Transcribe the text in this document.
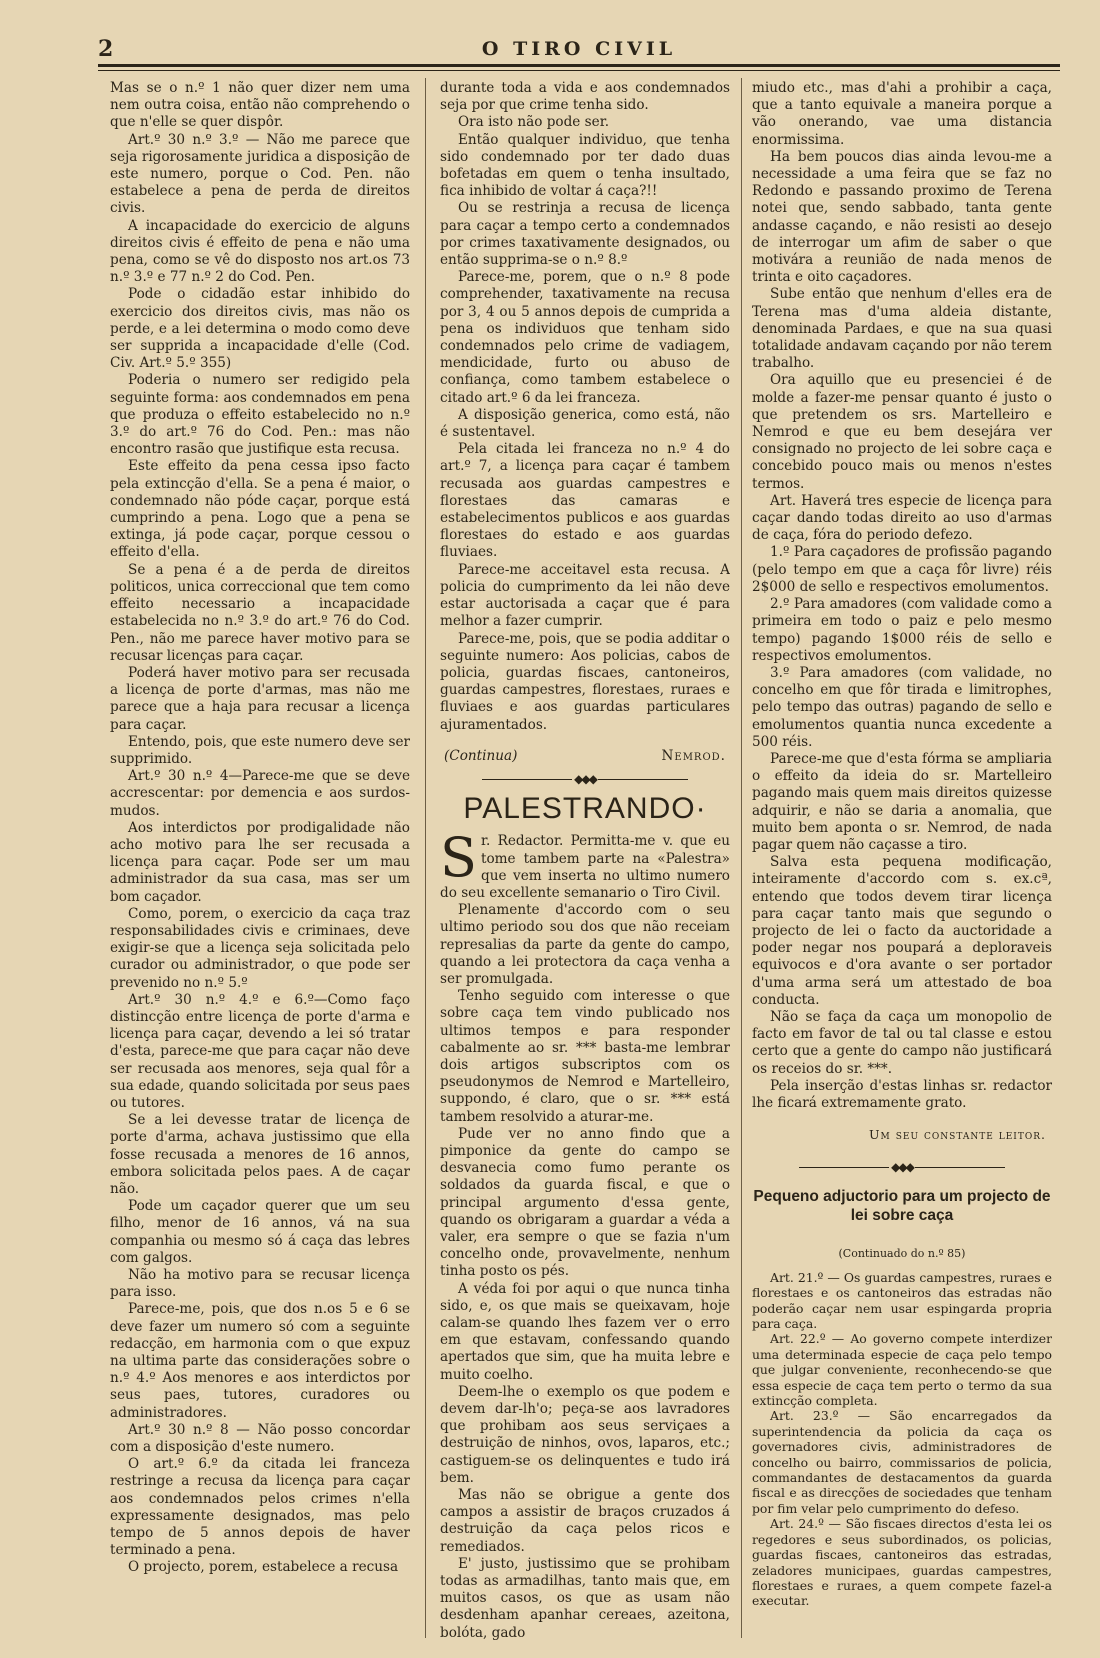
2	O TIRO CIVIL

Mas se o n.º 1 não quer dizer nem uma nem outra coisa, então não comprehendo o que n'elle se quer dispôr.

Art.º 30 n.º 3.º — Não me parece que seja rigorosamente juridica a disposição de este numero, porque o Cod. Pen. não estabelece a pena de perda de direitos civis.

A incapacidade do exercicio de alguns direitos civis é effeito de pena e não uma pena, como se vê do disposto nos art.os 73 n.º 3.º e 77 n.º 2 do Cod. Pen.

Pode o cidadão estar inhibido do exercicio dos direitos civis, mas não os perde, e a lei determina o modo como deve ser supprida a incapacidade d'elle (Cod. Civ. Art.º 5.º 355)

Poderia o numero ser redigido pela seguinte forma: aos condemnados em pena que produza o effeito estabelecido no n.º 3.º do art.º 76 do Cod. Pen.: mas não encontro rasão que justifique esta recusa.

Este effeito da pena cessa ipso facto pela extincção d'ella. Se a pena é maior, o condemnado não póde caçar, porque está cumprindo a pena. Logo que a pena se extinga, já pode caçar, porque cessou o effeito d'ella.

Se a pena é a de perda de direitos politicos, unica correccional que tem como effeito necessario a incapacidade estabelecida no n.º 3.º do art.º 76 do Cod. Pen., não me parece haver motivo para se recusar licenças para caçar.

Poderá haver motivo para ser recusada a licença de porte d'armas, mas não me parece que a haja para recusar a licença para caçar.

Entendo, pois, que este numero deve ser supprimido.

Art.º 30 n.º 4—Parece-me que se deve accrescentar: por demencia e aos surdos-mudos.

Aos interdictos por prodigalidade não acho motivo para lhe ser recusada a licença para caçar. Pode ser um mau administrador da sua casa, mas ser um bom caçador.

Como, porem, o exercicio da caça traz responsabilidades civis e criminaes, deve exigir-se que a licença seja solicitada pelo curador ou administrador, o que pode ser prevenido no n.º 5.º

Art.º 30 n.º 4.º e 6.º—Como faço distincção entre licença de porte d'arma e licença para caçar, devendo a lei só tratar d'esta, parece-me que para caçar não deve ser recusada aos menores, seja qual fôr a sua edade, quando solicitada por seus paes ou tutores.

Se a lei devesse tratar de licença de porte d'arma, achava justissimo que ella fosse recusada a menores de 16 annos, embora solicitada pelos paes. A de caçar não.

Pode um caçador querer que um seu filho, menor de 16 annos, vá na sua companhia ou mesmo só á caça das lebres com galgos.

Não ha motivo para se recusar licença para isso.

Parece-me, pois, que dos n.os 5 e 6 se deve fazer um numero só com a seguinte redacção, em harmonia com o que expuz na ultima parte das considerações sobre o n.º 4.º Aos menores e aos interdictos por seus paes, tutores, curadores ou administradores.

Art.º 30 n.º 8 — Não posso concordar com a disposição d'este numero.

O art.º 6.º da citada lei franceza restringe a recusa da licença para caçar aos condemnados pelos crimes n'ella expressamente designados, mas pelo tempo de 5 annos depois de haver terminado a pena.

O projecto, porem, estabelece a recusa

durante toda a vida e aos condemnados seja por que crime tenha sido.

Ora isto não pode ser.

Então qualquer individuo, que tenha sido condemnado por ter dado duas bofetadas em quem o tenha insultado, fica inhibido de voltar á caça?!!

Ou se restrinja a recusa de licença para caçar a tempo certo a condemnados por crimes taxativamente designados, ou então supprima-se o n.º 8.º

Parece-me, porem, que o n.º 8 pode comprehender, taxativamente na recusa por 3, 4 ou 5 annos depois de cumprida a pena os individuos que tenham sido condemnados pelo crime de vadiagem, mendicidade, furto ou abuso de confiança, como tambem estabelece o citado art.º 6 da lei franceza.

A disposição generica, como está, não é sustentavel.

Pela citada lei franceza no n.º 4 do art.º 7, a licença para caçar é tambem recusada aos guardas campestres e florestaes das camaras e estabelecimentos publicos e aos guardas florestaes do estado e aos guardas fluviaes.

Parece-me acceitavel esta recusa. A policia do cumprimento da lei não deve estar auctorisada a caçar que é para melhor a fazer cumprir.

Parece-me, pois, que se podia additar o seguinte numero: Aos policias, cabos de policia, guardas fiscaes, cantoneiros, guardas campestres, florestaes, ruraes e fluviaes e aos guardas particulares ajuramentados.

(Continua)	Nemrod.
◆◆◆
PALESTRANDO·

Sr. Redactor. Permitta-me v. que eu tome tambem parte na «Palestra» que vem inserta no ultimo numero do seu excellente semanario o Tiro Civil.

Plenamente d'accordo com o seu ultimo periodo sou dos que não receiam represalias da parte da gente do campo, quando a lei protectora da caça venha a ser promulgada.

Tenho seguido com interesse o que sobre caça tem vindo publicado nos ultimos tempos e para responder cabalmente ao sr. *** basta-me lembrar dois artigos subscriptos com os pseudonymos de Nemrod e Martelleiro, suppondo, é claro, que o sr. *** está tambem resolvido a aturar-me.

Pude ver no anno findo que a pimponice da gente do campo se desvanecia como fumo perante os soldados da guarda fiscal, e que o principal argumento d'essa gente, quando os obrigaram a guardar a véda a valer, era sempre o que se fazia n'um concelho onde, provavelmente, nenhum tinha posto os pés.

A véda foi por aqui o que nunca tinha sido, e, os que mais se queixavam, hoje calam-se quando lhes fazem ver o erro em que estavam, confessando quando apertados que sim, que ha muita lebre e muito coelho.

Deem-lhe o exemplo os que podem e devem dar-lh'o; peça-se aos lavradores que prohibam aos seus serviçaes a destruição de ninhos, ovos, laparos, etc.; castiguem-se os delinquentes e tudo irá bem.

Mas não se obrigue a gente dos campos a assistir de braços cruzados á destruição da caça pelos ricos e remediados.

E' justo, justissimo que se prohibam todas as armadilhas, tanto mais que, em muitos casos, os que as usam não desdenham apanhar cereaes, azeitona, bolóta, gado

miudo etc., mas d'ahi a prohibir a caça, que a tanto equivale a maneira porque a vão onerando, vae uma distancia enormissima.

Ha bem poucos dias ainda levou-me a necessidade a uma feira que se faz no Redondo e passando proximo de Terena notei que, sendo sabbado, tanta gente andasse caçando, e não resisti ao desejo de interrogar um afim de saber o que motivára a reunião de nada menos de trinta e oito caçadores.

Sube então que nenhum d'elles era de Terena mas d'uma aldeia distante, denominada Pardaes, e que na sua quasi totalidade andavam caçando por não terem trabalho.

Ora aquillo que eu presenciei é de molde a fazer-me pensar quanto é justo o que pretendem os srs. Martelleiro e Nemrod e que eu bem desejára ver consignado no projecto de lei sobre caça e concebido pouco mais ou menos n'estes termos.

Art. Haverá tres especie de licença para caçar dando todas direito ao uso d'armas de caça, fóra do periodo defezo.

1.º Para caçadores de profissão pagando (pelo tempo em que a caça fôr livre) réis 2$000 de sello e respectivos emolumentos.

2.º Para amadores (com validade como a primeira em todo o paiz e pelo mesmo tempo) pagando 1$000 réis de sello e respectivos emolumentos.

3.º Para amadores (com validade, no concelho em que fôr tirada e limitrophes, pelo tempo das outras) pagando de sello e emolumentos quantia nunca excedente a 500 réis.

Parece-me que d'esta fórma se ampliaria o effeito da ideia do sr. Martelleiro pagando mais quem mais direitos quizesse adquirir, e não se daria a anomalia, que muito bem aponta o sr. Nemrod, de nada pagar quem não caçasse a tiro.

Salva esta pequena modificação, inteiramente d'accordo com s. ex.cª, entendo que todos devem tirar licença para caçar tanto mais que segundo o projecto de lei o facto da auctoridade a poder negar nos poupará a deploraveis equivocos e d'ora avante o ser portador d'uma arma será um attestado de boa conducta.

Não se faça da caça um monopolio de facto em favor de tal ou tal classe e estou certo que a gente do campo não justificará os receios do sr. ***.

Pela inserção d'estas linhas sr. redactor lhe ficará extremamente grato.

Um seu constante leitor.
◆◆◆
Pequeno adjuctorio para um projecto de lei sobre caça
(Continuado do n.º 85)

Art. 21.º — Os guardas campestres, ruraes e florestaes e os cantoneiros das estradas não poderão caçar nem usar espingarda propria para caça.

Art. 22.º — Ao governo compete interdizer uma determinada especie de caça pelo tempo que julgar conveniente, reconhecendo-se que essa especie de caça tem perto o termo da sua extincção completa.

Art. 23.º — São encarregados da superintendencia da policia da caça os governadores civis, administradores de concelho ou bairro, commissarios de policia, commandantes de destacamentos da guarda fiscal e as direcções de sociedades que tenham por fim velar pelo cumprimento do defeso.

Art. 24.º — São fiscaes directos d'esta lei os regedores e seus subordinados, os policias, guardas fiscaes, cantoneiros das estradas, zeladores municipaes, guardas campestres, florestaes e ruraes, a quem compete fazel-a executar.
